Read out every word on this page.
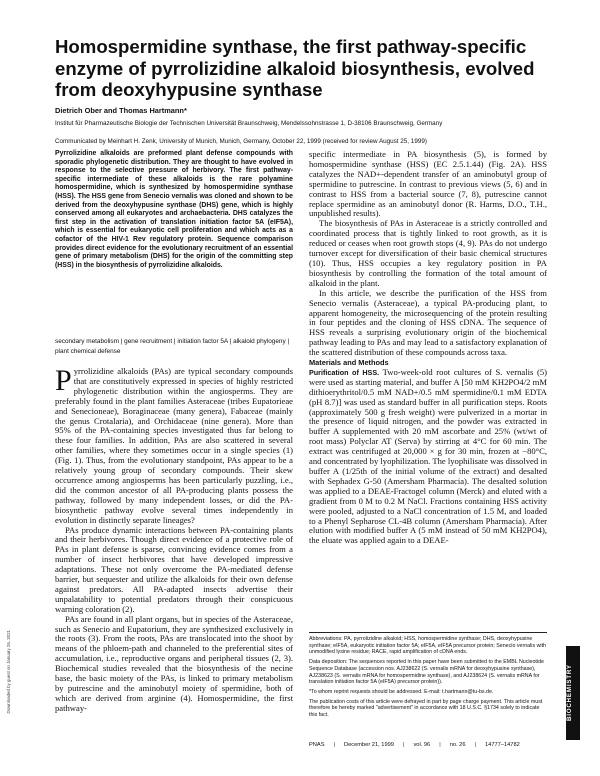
Homospermidine synthase, the first pathway-specific enzyme of pyrrolizidine alkaloid biosynthesis, evolved from deoxyhypusine synthase
Dietrich Ober and Thomas Hartmann*
Institut für Pharmazeutische Biologie der Technischen Universität Braunschweig, Mendelssohnstrasse 1, D-38106 Braunschweig, Germany
Communicated by Meinhart H. Zenk, University of Munich, Munich, Germany, October 22, 1999 (received for review August 25, 1999)

Pyrrolizidine alkaloids are preformed plant defense compounds with sporadic phylogenetic distribution. They are thought to have evolved in response to the selective pressure of herbivory. The first pathway-specific intermediate of these alkaloids is the rare polyamine homospermidine, which is synthesized by homospermidine synthase (HSS). The HSS gene from Senecio vernalis was cloned and shown to be derived from the deoxyhypusine synthase (DHS) gene, which is highly conserved among all eukaryotes and archaebacteria. DHS catalyzes the first step in the activation of translation initiation factor 5A (eIF5A), which is essential for eukaryotic cell proliferation and which acts as a cofactor of the HIV-1 Rev regulatory protein. Sequence comparison provides direct evidence for the evolutionary recruitment of an essential gene of primary metabolism (DHS) for the origin of the committing step (HSS) in the biosynthesis of pyrrolizidine alkaloids.

secondary metabolism | gene recruitment | initiation factor 5A | alkaloid phylogeny | plant chemical defense

Pyrrolizidine alkaloids (PAs) are typical secondary compounds that are constitutively expressed in species of highly restricted phylogenetic distribution within the angiosperms. They are preferably found in the plant families Asteraceae (tribes Eupatorieae and Senecioneae), Boraginaceae (many genera), Fabaceae (mainly the genus Crotalaria), and Orchidaceae (nine genera). More than 95% of the PA-containing species investigated thus far belong to these four families. In addition, PAs are also scattered in several other families, where they sometimes occur in a single species (1) (Fig. 1). Thus, from the evolutionary standpoint, PAs appear to be a relatively young group of secondary compounds. Their skew occurrence among angiosperms has been particularly puzzling, i.e., did the common ancestor of all PA-producing plants possess the pathway, followed by many independent losses, or did the PA-biosynthetic pathway evolve several times independently in evolution in distinctly separate lineages?

PAs produce dynamic interactions between PA-containing plants and their herbivores. Though direct evidence of a protective role of PAs in plant defense is sparse, convincing evidence comes from a number of insect herbivores that have developed impressive adaptations. These not only overcome the PA-mediated defense barrier, but sequester and utilize the alkaloids for their own defense against predators. All PA-adapted insects advertise their unpalatability to potential predators through their conspicuous warning coloration (2).

PAs are found in all plant organs, but in species of the Asteraceae, such as Senecio and Eupatorium, they are synthesized exclusively in the roots (3). From the roots, PAs are translocated into the shoot by means of the phloem-path and channeled to the preferential sites of accumulation, i.e., reproductive organs and peripheral tissues (2, 3). Biochemical studies revealed that the biosynthesis of the necine base, the basic moiety of the PAs, is linked to primary metabolism by putrescine and the aminobutyl moiety of spermidine, both of which are derived from arginine (4). Homospermidine, the first pathway-

specific intermediate in PA biosynthesis (5), is formed by homospermidine synthase (HSS) (EC 2.5.1.44) (Fig. 2A). HSS catalyzes the NAD+-dependent transfer of an aminobutyl group of spermidine to putrescine. In contrast to previous views (5, 6) and in contrast to HSS from a bacterial source (7, 8), putrescine cannot replace spermidine as an aminobutyl donor (R. Harms, D.O., T.H., unpublished results).

The biosynthesis of PAs in Asteraceae is a strictly controlled and coordinated process that is tightly linked to root growth, as it is reduced or ceases when root growth stops (4, 9). PAs do not undergo turnover except for diversification of their basic chemical structures (10). Thus, HSS occupies a key regulatory position in PA biosynthesis by controlling the formation of the total amount of alkaloid in the plant.

In this article, we describe the purification of the HSS from Senecio vernalis (Asteraceae), a typical PA-producing plant, to apparent homogeneity, the microsequencing of the protein resulting in four peptides and the cloning of HSS cDNA. The sequence of HSS reveals a surprising evolutionary origin of the biochemical pathway leading to PAs and may lead to a satisfactory explanation of the scattered distribution of these compounds across taxa.

Materials and Methods

Purification of HSS. Two-week-old root cultures of S. vernalis (5) were used as starting material, and buffer A [50 mM KH2PO4/2 mM dithioerythritol/0.5 mM NAD+/0.5 mM spermidine/0.1 mM EDTA (pH 8.7)] was used as standard buffer in all purification steps. Roots (approximately 500 g fresh weight) were pulverized in a mortar in the presence of liquid nitrogen, and the powder was extracted in buffer A supplemented with 20 mM ascorbate and 25% (wt/wt of root mass) Polyclar AT (Serva) by stirring at 4°C for 60 min. The extract was centrifuged at 20,000 × g for 30 min, frozen at −80°C, and concentrated by lyophilization. The lyophilisate was dissolved in buffer A (1/25th of the initial volume of the extract) and desalted with Sephadex G-50 (Amersham Pharmacia). The desalted solution was applied to a DEAE-Fractogel column (Merck) and eluted with a gradient from 0 M to 0.2 M NaCl. Fractions containing HSS activity were pooled, adjusted to a NaCl concentration of 1.5 M, and loaded to a Phenyl Sepharose CL-4B column (Amersham Pharmacia). After elution with modified buffer A (5 mM instead of 50 mM KH2PO4), the eluate was applied again to a DEAE-

Abbreviations: PA, pyrrolizidine alkaloid; HSS, homospermidine synthase; DHS, deoxyhypusine synthase; eIF5A, eukaryotic initiation factor 5A; eIF5A, eIF5A precursor protein; Senecio vernalis with unmodified lysine residue; RACE, rapid amplification of cDNA ends.

Data deposition: The sequences reported in this paper have been submitted to the EMBL Nucleotide Sequence Database (accession nos. AJ238622 (S. vernalis mRNA for deoxyhypusine synthase), AJ238623 (S. vernalis mRNA for homospermidine synthase), and AJ238624 (S. vernalis mRNA for translation initiation factor 5A (eIF5A) precursor protein)).

*To whom reprint requests should be addressed. E-mail: t.hartmann@tu-bs.de.

The publication costs of this article were defrayed in part by page charge payment. This article must therefore be hereby marked "advertisement" in accordance with 18 U.S.C. §1734 solely to indicate this fact.

PNAS | December 21, 1999 | vol. 96 | no. 26 | 14777–14782
BIOCHEMISTRY
Downloaded by guest on January 26, 2021
